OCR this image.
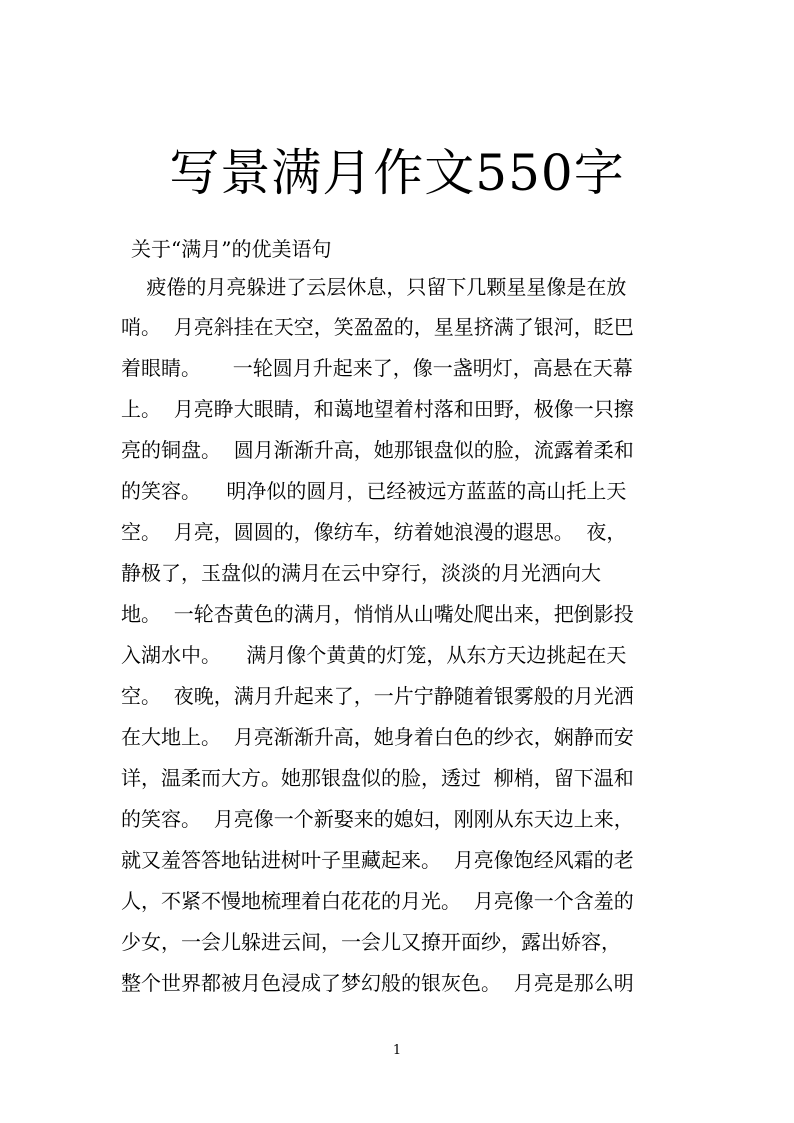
写景满月作文550字
关于“满月”的优美语句
疲倦的月亮躲进了云层休息，只留下几颗星星像是在放
哨。  月亮斜挂在天空，笑盈盈的，星星挤满了银河，眨巴
着眼睛。     一轮圆月升起来了，像一盏明灯，高悬在天幕
上。  月亮睁大眼睛，和蔼地望着村落和田野，极像一只擦
亮的铜盘。  圆月渐渐升高，她那银盘似的脸，流露着柔和
的笑容。    明净似的圆月，已经被远方蓝蓝的高山托上天
空。  月亮，圆圆的，像纺车，纺着她浪漫的遐思。  夜，
静极了，玉盘似的满月在云中穿行，淡淡的月光洒向大
地。  一轮杏黄色的满月，悄悄从山嘴处爬出来，把倒影投
入湖水中。    满月像个黄黄的灯笼，从东方天边挑起在天
空。  夜晚，满月升起来了，一片宁静随着银雾般的月光洒
在大地上。  月亮渐渐升高，她身着白色的纱衣，娴静而安
详，温柔而大方。她那银盘似的脸，透过  柳梢，留下温和
的笑容。  月亮像一个新娶来的媳妇，刚刚从东天边上来，
就又羞答答地钻进树叶子里藏起来。  月亮像饱经风霜的老
人，不紧不慢地梳理着白花花的月光。  月亮像一个含羞的
少女，一会儿躲进云间，一会儿又撩开面纱，露出娇容，
整个世界都被月色浸成了梦幻般的银灰色。  月亮是那么明
1
